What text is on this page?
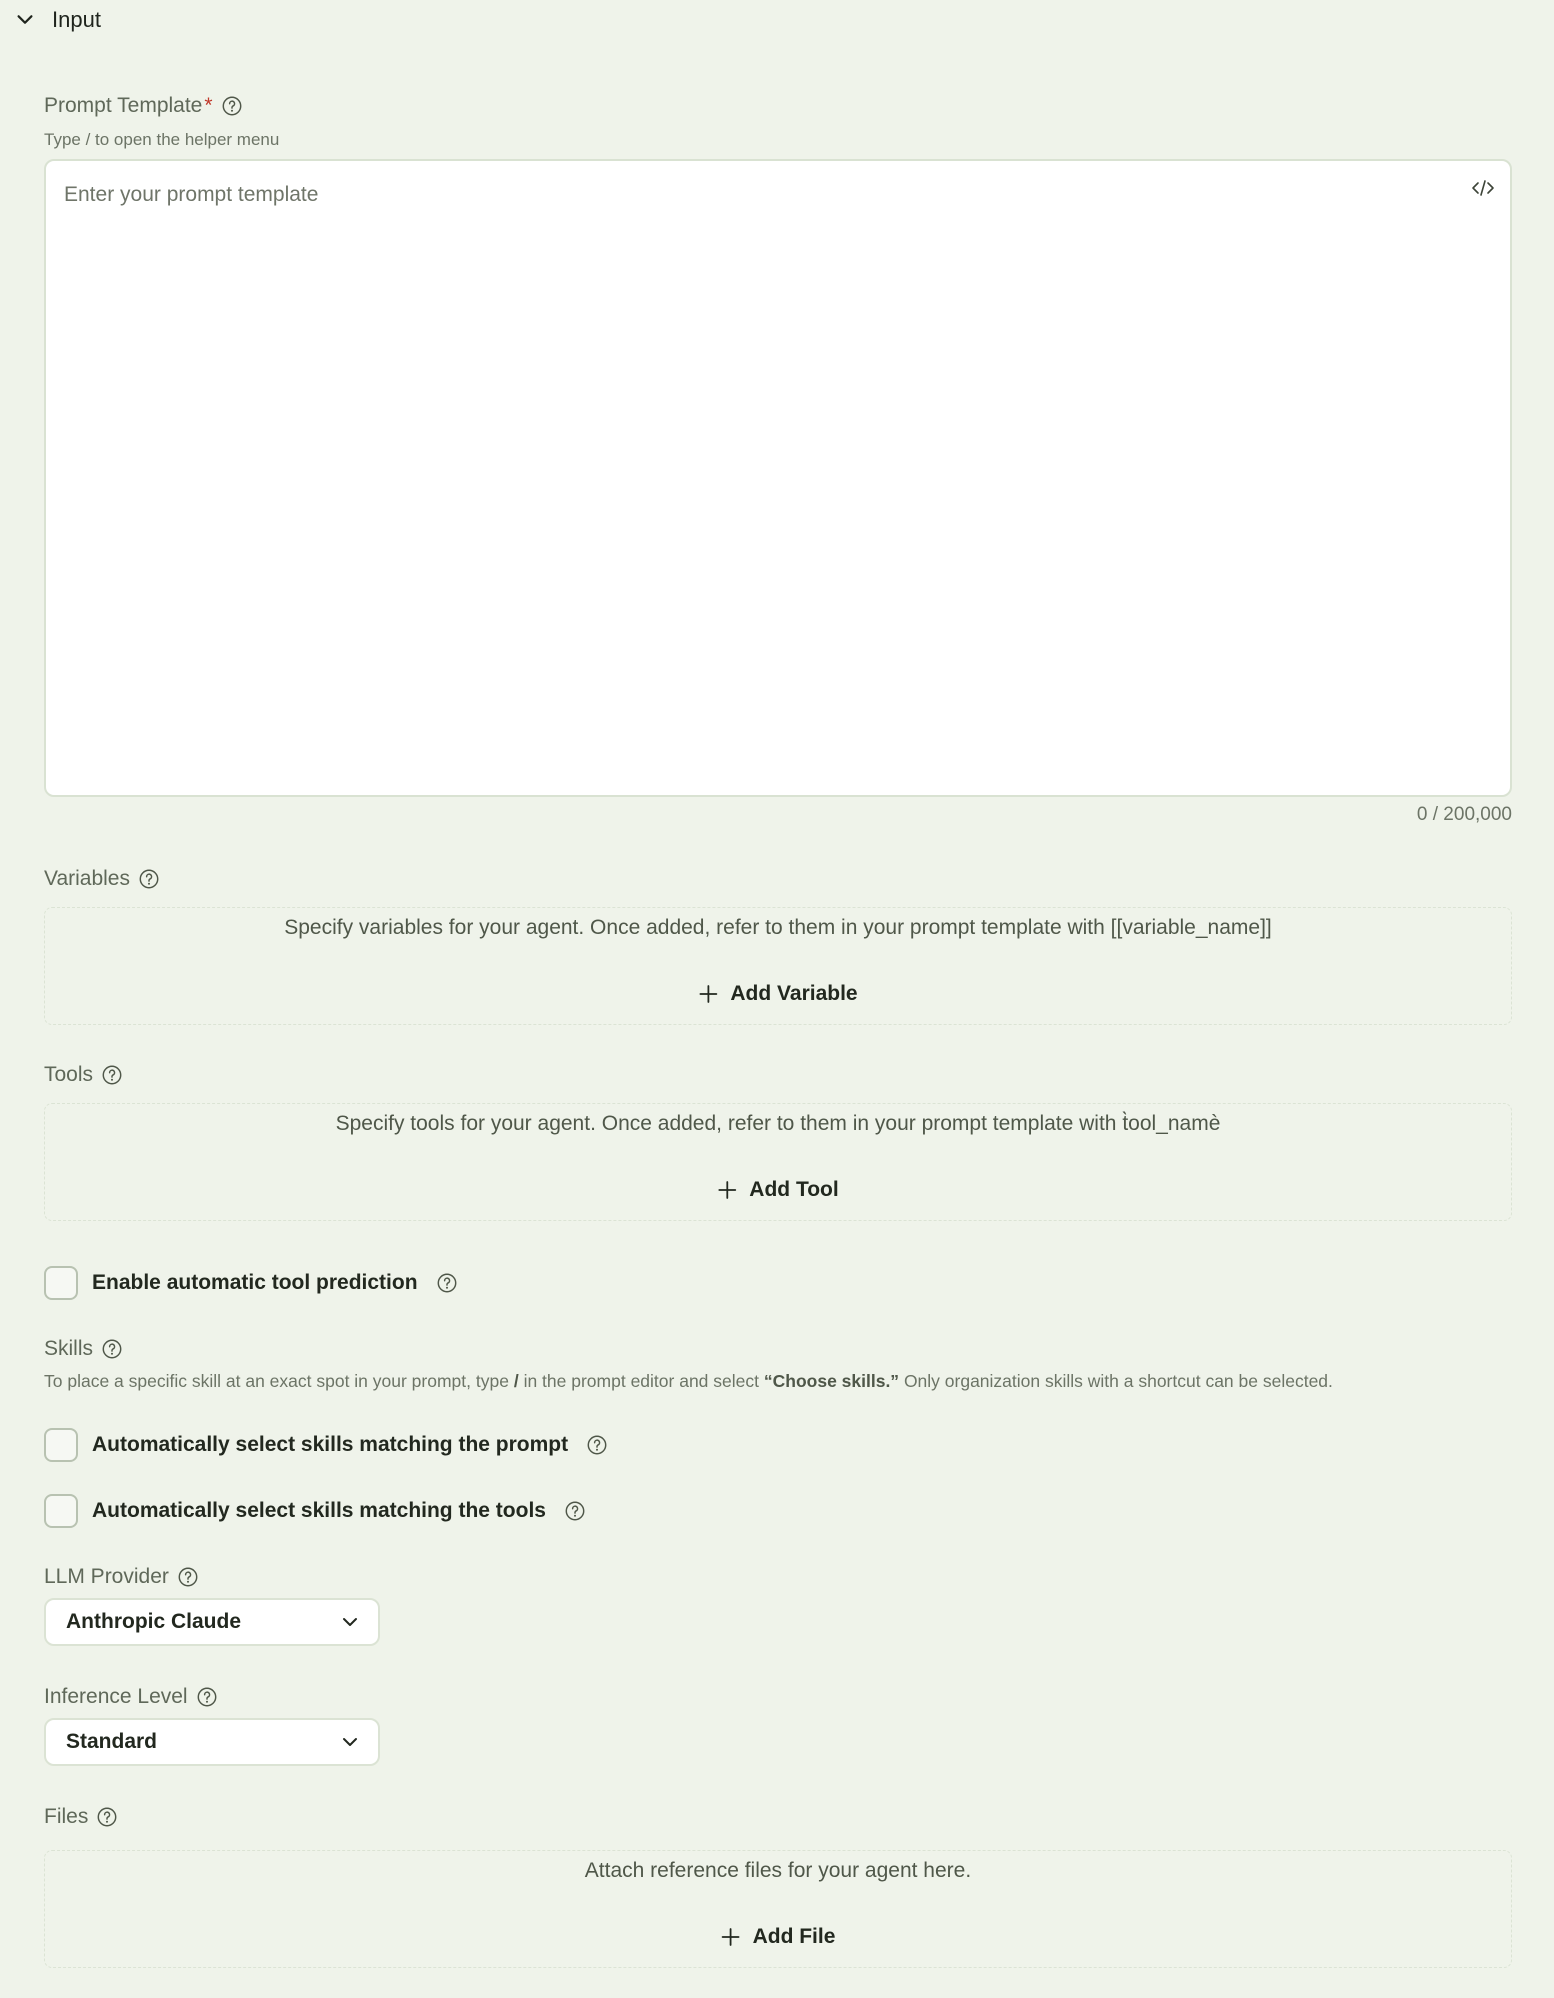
Input
Prompt Template *
Type / to open the helper menu
Enter your prompt template
0 / 200,000
Variables
Specify variables for your agent. Once added, refer to them in your prompt template with [[variable_name]]
Add Variable
Tools
Specify tools for your agent. Once added, refer to them in your prompt template with t̀ool_namè
Add Tool
Enable automatic tool prediction
Skills
To place a specific skill at an exact spot in your prompt, type / in the prompt editor and select “Choose skills.” Only organization skills with a shortcut can be selected.
Automatically select skills matching the prompt
Automatically select skills matching the tools
LLM Provider
Anthropic Claude
Inference Level
Standard
Files
Attach reference files for your agent here.
Add File
